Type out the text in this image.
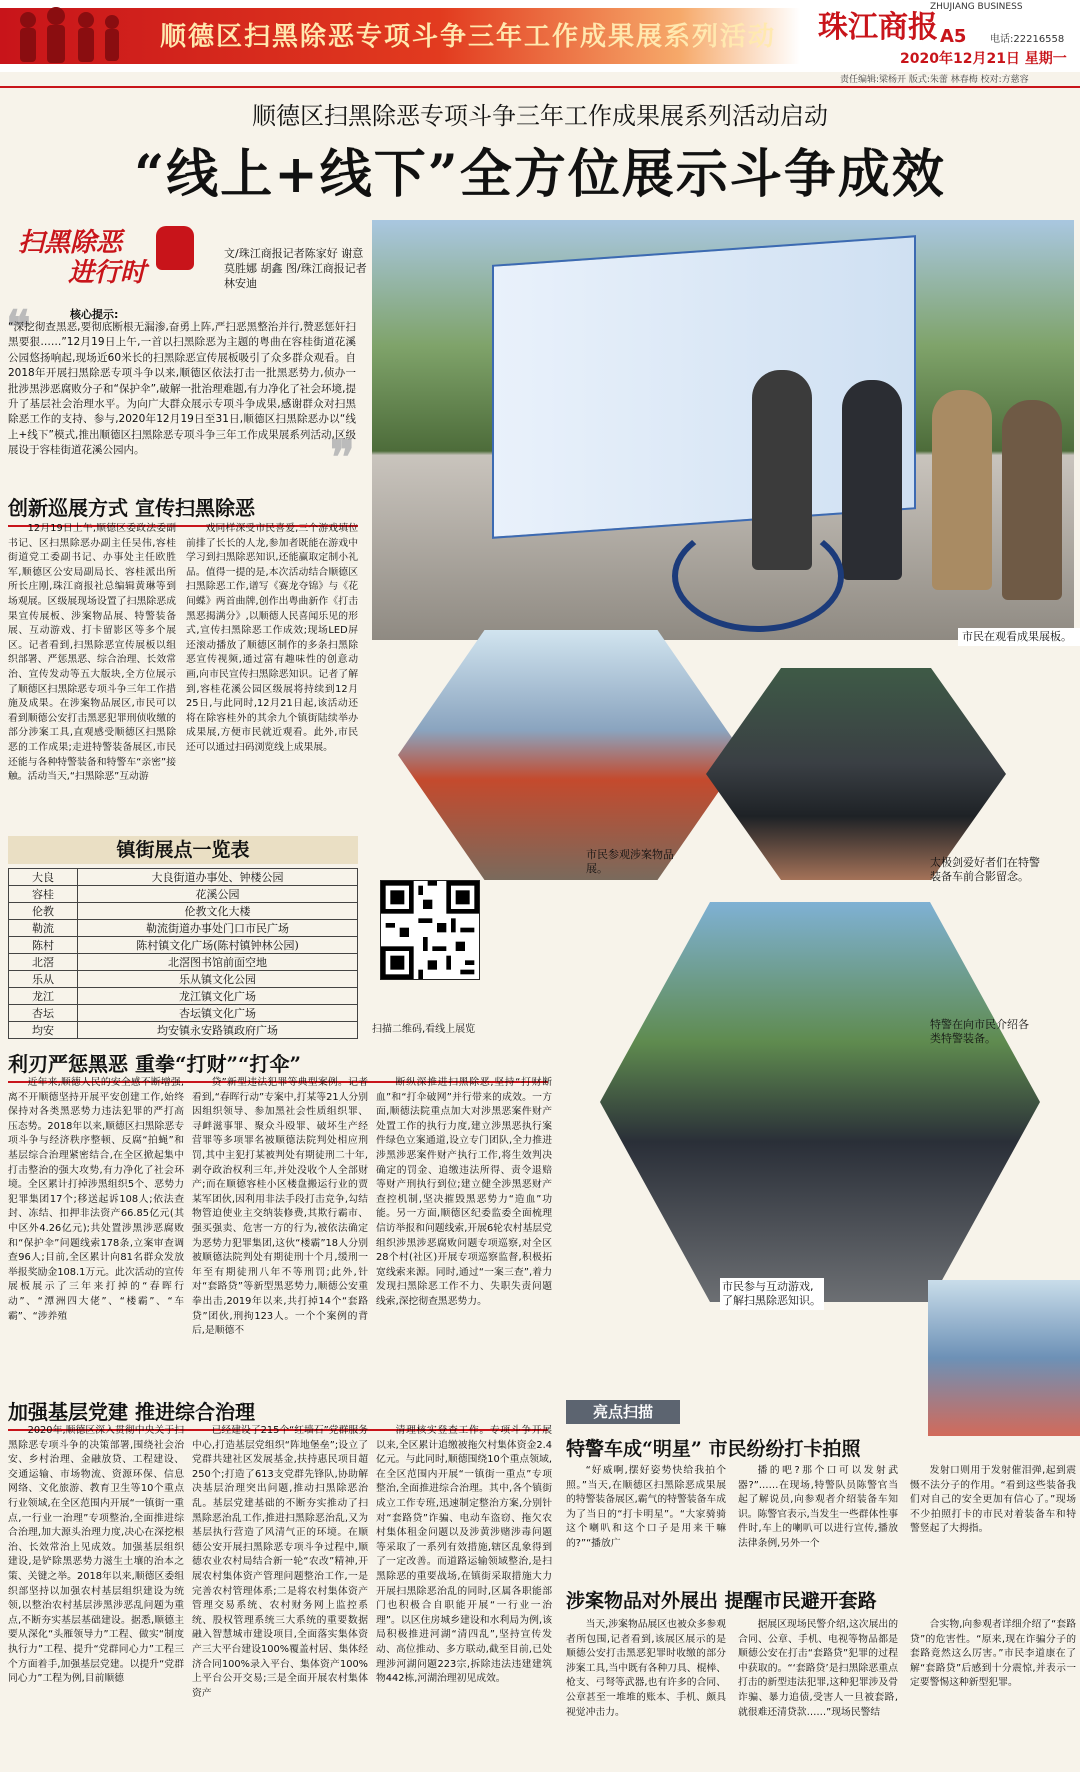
顺德区扫黑除恶专项斗争三年工作成果展系列活动 珠江商报
ZHUJIANG BUSINESS
A5 电话:22216558
2020年12月21日 星期一
责任编辑:梁杨开 版式:朱蕾 林春梅 校对:方慈容
顺德区扫黑除恶专项斗争三年工作成果展系列活动启动
“线上+线下”全方位展示斗争成效
扫黑除恶
进行时
文/珠江商报记者陈家好 谢意 莫胜娜 胡鑫 图/珠江商报记者林安迪
❝
❞
核心提示:
“深挖彻查黑恶,要彻底断根无漏渗,奋勇上阵,严扫恶黑整治并行,赞恶惩奸扫黑要狠……”12月19日上午,一首以扫黑除恶为主题的粤曲在容桂街道花溪公园悠扬响起,现场近60米长的扫黑除恶宣传展板吸引了众多群众观看。自2018年开展扫黑除恶专项斗争以来,顺德区依法打击一批黑恶势力,侦办一批涉黑涉恶腐败分子和“保护伞”,破解一批治理难题,有力净化了社会环境,提升了基层社会治理水平。为向广大群众展示专项斗争成果,感谢群众对扫黑除恶工作的支持、参与,2020年12月19日至31日,顺德区扫黑除恶办以“线上+线下”模式,推出顺德区扫黑除恶专项斗争三年工作成果展系列活动,区级展设于容桂街道花溪公园内。
创新巡展方式 宣传扫黑除恶

12月19日上午,顺德区委政法委副书记、区扫黑除恶办副主任吴伟,容桂街道党工委副书记、办事处主任欧胜军,顺德区公安局副局长、容桂派出所所长庄刚,珠江商报社总编辑黄琳等到场观展。区级展现场设置了扫黑除恶成果宣传展板、涉案物品展、特警装备展、互动游戏、打卡留影区等多个展区。记者看到,扫黑除恶宣传展板以组织部署、严惩黑恶、综合治理、长效常治、宣传发动等五大版块,全方位展示了顺德区扫黑除恶专项斗争三年工作措施及成果。在涉案物品展区,市民可以看到顺德公安打击黑恶犯罪刑侦收缴的部分涉案工具,直观感受顺德区扫黑除恶的工作成果;走进特警装备展区,市民还能与各种特警装备和特警车“亲密”接触。活动当天,“扫黑除恶”互动游

戏同样深受市民喜爱,三个游戏填位前排了长长的人龙,参加者既能在游戏中学习到扫黑除恶知识,还能赢取定制小礼品。值得一提的是,本次活动结合顺德区扫黑除恶工作,谱写《赛龙夺锦》与《花间蝶》两首曲牌,创作出粤曲新作《打击黑恶揭满分》,以顺德人民喜闻乐见的形式,宣传扫黑除恶工作成效;现场LED屏还滚动播放了顺德区制作的多条扫黑除恶宣传视频,通过富有趣味性的创意动画,向市民宣传扫黑除恶知识。记者了解到,容桂花溪公园区级展将持续到12月25日,与此同时,12月21日起,该活动还将在除容桂外的其余九个镇街陆续举办成果展,方便市民就近观看。此外,市民还可以通过扫码浏览线上成果展。

镇街展点一览表
大良	大良街道办事处、钟楼公园
容桂	花溪公园
伦教	伦教文化大楼
勒流	勒流街道办事处门口市民广场
陈村	陈村镇文化广场(陈村镇钟林公园)
北滘	北滘图书馆前面空地
乐从	乐从镇文化公园
龙江	龙江镇文化广场
杏坛	杏坛镇文化广场
均安	均安镇永安路镇政府广场	扫描二维码,看线上展览
市民在观看成果展板。
市民参观涉案物品展。	太极剑爱好者们在特警装备车前合影留念。
特警在向市民介绍各类特警装备。
市民参与互动游戏,了解扫黑除恶知识。
利刃严惩黑恶 重拳“打财”“打伞”

近年来,顺德人民的安全感不断增强,离不开顺德坚持开展平安创建工作,始终保持对各类黑恶势力违法犯罪的严打高压态势。2018年以来,顺德区扫黑除恶专项斗争与经济秩序整顿、反腐“拍蝇”和基层综合治理紧密结合,在全区掀起集中打击整治的强大攻势,有力净化了社会环境。全区累计打掉涉黑组织5个、恶势力犯罪集团17个;移送起诉108人;依法查封、冻结、扣押非法资产66.85亿元(其中区外4.26亿元);共处置涉黑涉恶腐败和“保护伞”问题线索178条,立案审查调查96人;目前,全区累计向81名群众发放举报奖励金108.1万元。此次活动的宣传展板展示了三年来打掉的“春晖行动”、“潭洲四大佬”、“楼霸”、“车霸”、“涉养殖

贷”新型违法犯罪等典型案例。记者看到,“春晖行动”专案中,打某等21人分别因组织领导、参加黑社会性质组织罪、寻衅滋事罪、聚众斗殴罪、破坏生产经营罪等多项罪名被顺德法院判处相应刑罚,其中主犯打某被判处有期徒刑二十年,剥夺政治权利三年,并处没收个人全部财产;而在顺德容桂小区楼盘搬运行业的贾某军团伙,因利用非法手段打击竞争,勾结物管迫使业主交纳装修费,其欺行霸市、强买强卖、危害一方的行为,被依法确定为恶势力犯罪集团,这伙“楼霸”18人分别被顺德法院判处有期徒刑十个月,缓刑一年至有期徒刑八年不等刑罚;此外,针对“套路贷”等新型黑恶势力,顺德公安重拳出击,2019年以来,共打掉14个“套路贷”团伙,刑拘123人。一个个案例的背后,是顺德不

断纵深推进扫黑除恶,坚持“打财断血”和“打伞破网”并行带来的成效。一方面,顺德法院重点加大对涉黑恶案件财产处置工作的执行力度,建立涉黑恶执行案件绿色立案通道,设立专门团队,全力推进涉黑涉恶案件财产执行工作,将生效判决确定的罚金、追缴违法所得、责令退赔等财产刑执行到位;建立健全涉黑恶财产查控机制,坚决摧毁黑恶势力“造血”功能。另一方面,顺德区纪委监委全面梳理信访举报和问题线索,开展6轮农村基层党组织涉黑涉恶腐败问题专项巡察,对全区28个村(社区)开展专项巡察监督,积极拓宽线索来源。同时,通过“一案三查”,着力发现扫黑除恶工作不力、失职失责问题线索,深挖彻查黑恶势力。

加强基层党建 推进综合治理

2020年,顺德区深入贯彻中央关于扫黑除恶专项斗争的决策部署,围绕社会治安、乡村治理、金融放贷、工程建设、交通运输、市场物流、资源环保、信息网络、文化旅游、教育卫生等10个重点行业领域,在全区范围内开展“一镇街一重点,一行业一治理”专项整治,全面推进综合治理,加大源头治理力度,决心在深挖根治、长效常治上见成效。加强基层组织建设,是铲除黑恶势力滋生土壤的治本之策、关键之举。2018年以来,顺德区委组织部坚持以加强农村基层组织建设为统领,以整治农村基层涉黑涉恶乱问题为重点,不断夯实基层基础建设。据悉,顺德主要从深化“头雁领导力”工程、做实“制度执行力”工程、提升“党群同心力”工程三个方面着手,加强基层党建。以提升“党群同心力”工程为例,目前顺德

已经建设了215个“红墙石”党群服务中心,打造基层党组织“阵地堡垒”;设立了党群共建社区发展基金,扶持惠民项目超250个;打造了613支党群先锋队,协助解决基层治理突出问题,推动扫黑除恶治乱。基层党建基础的不断夯实推动了扫黑除恶治乱工作,推进扫黑除恶治乱,又为基层执行营造了风清气正的环境。在顺德公安开展扫黑除恶专项斗争过程中,顺德农业农村局结合新一轮“农改”精神,开展农村集体资产管理问题整治工作,一是完善农村管理体系;二是将农村集体资产管理交易系统、农村财务网上监控系统、股权管理系统三大系统的重要数据融入智慧城市建设项目,全面落实集体资产三大平台建设100%覆盖村居、集体经济合同100%录入平台、集体资产100%上平台公开交易;三是全面开展农村集体资产

清理核实登查工作。专项斗争开展以来,全区累计追缴被拖欠村集体资金2.4亿元。与此同时,顺德围绕10个重点领域,在全区范围内开展“一镇街一重点”专项整治,全面推进综合治理。其中,各个镇街成立工作专班,迅速制定整治方案,分别针对“套路贷”诈骗、电动车盗窃、拖欠农村集体租金问题以及涉黄涉赌涉毒问题等采取了一系列有效措施,辖区乱象得到了一定改善。而道路运输领域整治,是扫黑除恶的重要战场,在镇街采取措施大力开展扫黑除恶治乱的同时,区属各职能部门也积极合自职能开展“一行业一治理”。以区住房城乡建设和水利局为例,该局积极推进河湖“清四乱”,坚持宣传发动、高位推动、多方联动,截至目前,已处理涉河湖问题223宗,拆除违法违建建筑物442栋,河湖治理初见成效。

亮点扫描
特警车成“明星” 市民纷纷打卡拍照

“好威啊,摆好姿势快给我拍个照。”当天,在顺德区扫黑除恶成果展的特警装备展区,霸气的特警装备车成为了当日的“打卡明星”。“大家骑骑这个喇叭和这个口子是用来干嘛的?”“播放广

播的吧?那个口可以发射武器?”……在现场,特警队员陈警官当起了解说员,向参观者介绍装备车知识。陈警官表示,当发生一些群体性事件时,车上的喇叭可以进行宣传,播放法律条例,另外一个

发射口则用于发射催泪弹,起到震慑不法分子的作用。“看到这些装备我们对自己的安全更加有信心了。”现场不少拍照打卡的市民对着装备车和特警竖起了大拇指。

涉案物品对外展出 提醒市民避开套路

当天,涉案物品展区也被众多参观者所包围,记者看到,该展区展示的是顺德公安打击黑恶犯罪时收缴的部分涉案工具,当中既有各种刀具、棍棒、枪支、弓弩等武器,也有许多的合同、公章甚至一堆堆的账本、手机、颇具视觉冲击力。

据展区现场民警介绍,这次展出的合同、公章、手机、电视等物品都是顺德公安在打击“套路贷”犯罪的过程中获取的。“‘套路贷’是扫黑除恶重点打击的新型违法犯罪,这种犯罪涉及骨诈骗、暴力追债,受害人一旦被套路,就很难还清贷款……”现场民警结

合实物,向参观者详细介绍了“套路贷”的危害性。“原来,现在诈骗分子的套路竟然这么厉害。”市民李道康在了解“套路贷”后感到十分震惊,并表示一定要警惕这种新型犯罪。
